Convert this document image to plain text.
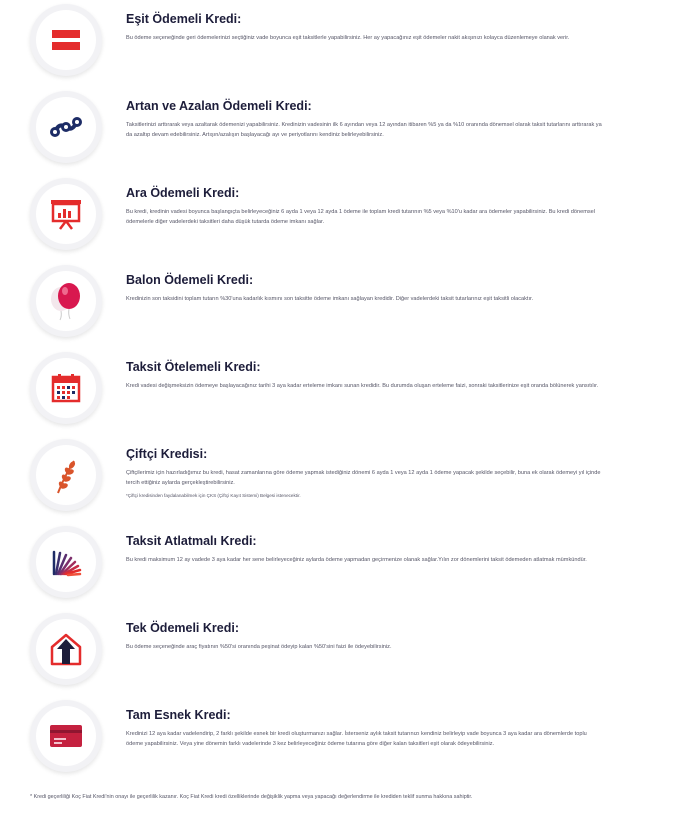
Eşit Ödemeli Kredi:
Bu ödeme seçeneğinde geri ödemelerinizi seçtiğiniz vade boyunca eşit taksitlerle yapabilirsiniz. Her ay yapacağınız eşit ödemeler nakit akışınızı kolayca düzenlemeye olanak verir.
Artan ve Azalan Ödemeli Kredi:
Taksitlerinizi arttırarak veya azaltarak ödemenizi yapabilirsiniz. Kredinizin vadesinin ilk 6 ayından veya 12 ayından itibaren %5 ya da %10 oranında dönemsel olarak taksit tutarlarını arttırarak ya da azaltıp devam edebilirsiniz. Artışın/azalışın başlayacağı ayı ve periyotlarını kendiniz belirleyebilirsiniz.
Ara Ödemeli Kredi:
Bu kredi, kredinin vadesi boyunca başlangıçta belirleyeceğiniz 6 ayda 1 veya 12 ayda 1 ödeme ile toplam kredi tutarının %5 veya %10'u kadar ara ödemeler yapabilirsiniz. Bu kredi dönemsel ödemelerle diğer vadelerdeki taksitleri daha düşük tutarda ödeme imkanı sağlar.
Balon Ödemeli Kredi:
Kredinizin son taksidini toplam tutarın %30'una kadarlık kısmını son taksitte ödeme imkanı sağlayan kredidir. Diğer vadelerdeki taksit tutarlarınız eşit taksitli olacaktır.
Taksit Ötelemeli Kredi:
Kredi vadesi değişmeksizin ödemeye başlayacağınız tarihi 3 aya kadar erteleme imkanı sunan kredidir. Bu durumda oluşan erteleme faizi, sonraki taksitlerinize eşit oranda bölünerek yansıtılır.
Çiftçi Kredisi:
Çiftçilerimiz için hazırladığımız bu kredi, hasat zamanlarına göre ödeme yapmak istediğiniz dönemi 6 ayda 1 veya 12 ayda 1 ödeme yapacak şekilde seçebilir, buna ek olarak ödemeyi yıl içinde tercih ettiğiniz aylarda gerçekleştirebilirsiniz.
*Çiftçi kredisinden faydalanabilmek için ÇKS (Çiftçi Kayıt Sistemi) Belgesi istenecektir.
Taksit Atlatmalı Kredi:
Bu kredi maksimum 12 ay vadede 3 aya kadar her sene belirleyeceğiniz aylarda ödeme yapmadan geçirmenize olanak sağlar.Yılın zor dönemlerini taksit ödemeden atlatmak mümkündür.
Tek Ödemeli Kredi:
Bu ödeme seçeneğinde araç fiyatının %50'si oranında peşinat ödeyip kalan %50'sini faizi ile ödeyebilirsiniz.
Tam Esnek Kredi:
Kredinizi 12 aya kadar vadelendirip, 2 farklı şekilde esnek bir kredi oluşturmanızı sağlar. İsterseniz aylık taksit tutarınızı kendiniz belirleyip vade boyunca 3 aya kadar ara dönemlerde toplu ödeme yapabilirsiniz. Veya yine dönemin farklı vadelerinde 3 kez belirleyeceğiniz ödeme tutarına göre diğer kalan taksitleri eşit olarak ödeyebilirsiniz.
* Kredi geçerliliği Koç Fiat Kredi'nin onayı ile geçerlilik kazanır. Koç Fiat Kredi kredi özelliklerinde değişiklik yapma veya yapacağı değerlendirme ile krediden teklif sunma hakkına sahiptir.
